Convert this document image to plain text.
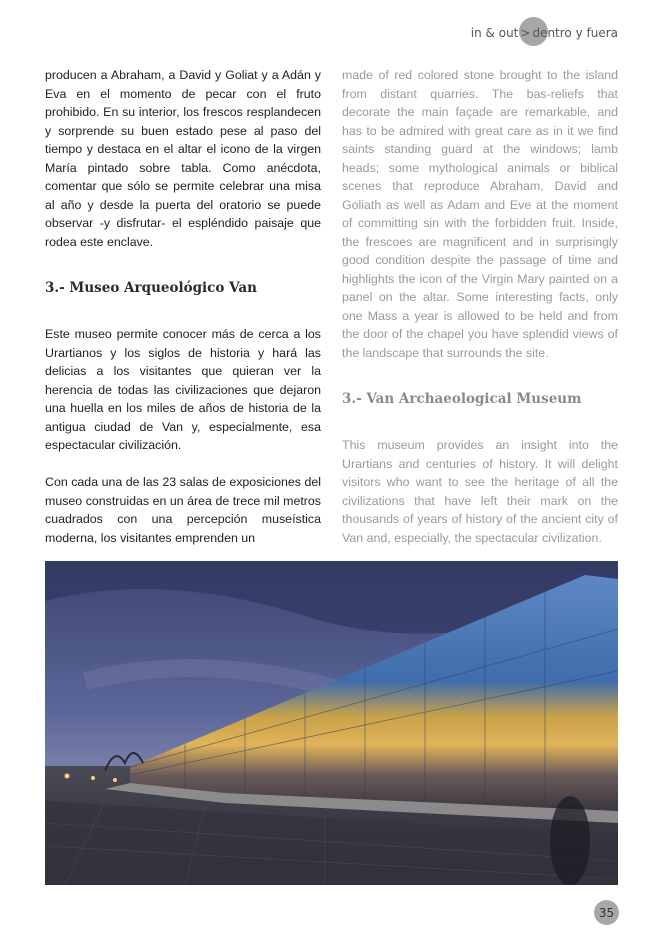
in & out > dentro y fuera

producen a Abraham, a David y Goliat y a Adán y Eva en el momento de pecar con el fruto prohibido. En su interior, los frescos resplandecen y sorprende su buen estado pese al paso del tiempo y destaca en el altar el icono de la virgen María pintado sobre tabla. Como anécdota, comentar que sólo se permite celebrar una misa al año y desde la puerta del oratorio se puede observar -y disfrutar- el espléndido paisaje que rodea este enclave.

3.- Museo Arqueológico Van

Este museo permite conocer más de cerca a los Urartianos y los siglos de historia y hará las delicias a los visitantes que quieran ver la herencia de todas las civilizaciones que dejaron una huella en los miles de años de historia de la antigua ciudad de Van y, especialmente, esa espectacular civilización.

Con cada una de las 23 salas de exposiciones del museo construidas en un área de trece mil metros cuadrados con una percepción museística moderna, los visitantes emprenden un

made of red colored stone brought to the island from distant quarries. The bas-reliefs that decorate the main façade are remarkable, and has to be admired with great care as in it we find saints standing guard at the windows; lamb heads; some mythological animals or biblical scenes that reproduce Abraham, David and Goliath as well as Adam and Eve at the moment of committing sin with the forbidden fruit. Inside, the frescoes are magnificent and in surprisingly good condition despite the passage of time and highlights the icon of the Virgin Mary painted on a panel on the altar. Some interesting facts, only one Mass a year is allowed to be held and from the door of the chapel you have splendid views of the landscape that surrounds the site.

3.- Van Archaeological Museum

This museum provides an insight into the Urartians and centuries of history. It will delight visitors who want to see the heritage of all the civilizations that have left their mark on the thousands of years of history of the ancient city of Van and, especially, the spectacular civilization.

35
